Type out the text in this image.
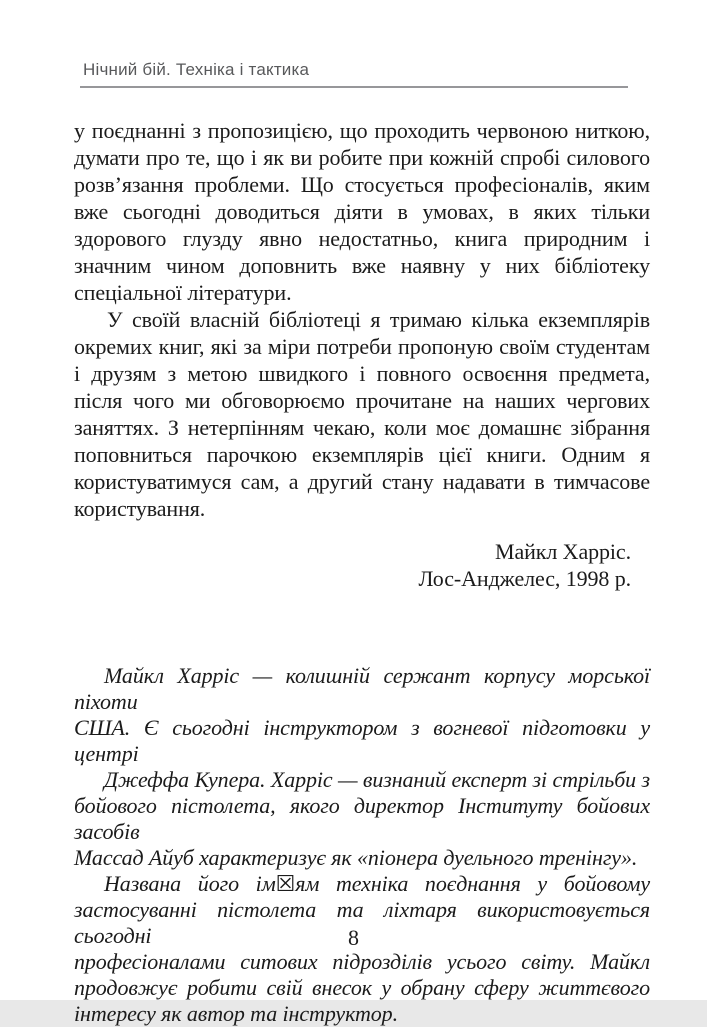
Нічний бій. Техніка і тактика
у поєднанні з пропозицією, що проходить червоною ниткою,
думати про те, що і як ви робите при кожній спробі силового
розв’язання проблеми. Що стосується професіоналів, яким
вже сьогодні доводиться діяти в умовах, в яких тільки
здорового глузду явно недостатньо, книга природним і
значним чином доповнить вже наявну у них бібліотеку
спеціальної літератури.
У своїй власній бібліотеці я тримаю кілька екземплярів
окремих книг, які за міри потреби пропоную своїм студентам
і друзям з метою швидкого і повного освоєння предмета,
після чого ми обговорюємо прочитане на наших чергових
заняттях. З нетерпінням чекаю, коли моє домашнє зібрання
поповниться парочкою екземплярів цієї книги. Одним я
користуватимуся сам, а другий стану надавати в тимчасове
користування.
Майкл Харріс.
Лос-Анджелес, 1998 р.
Майкл Харріс — колишній сержант корпусу морської піхоти
США. Є сьогодні інструктором з вогневої підготовки у центрі
Джеффа Купера. Харріс — визнаний експерт зі стрільби з
бойового пістолета, якого директор Інституту бойових засобів
Массад Айуб характеризує як «піонера дуельного тренінгу».
Названа його ім☒ям техніка поєднання у бойовому
застосуванні пістолета та ліхтаря використовується сьогодні
професіоналами ситових підрозділів усього світу. Майкл
продовжує робити свій внесок у обрану сферу життєвого
інтересу як автор та інструктор.
8
